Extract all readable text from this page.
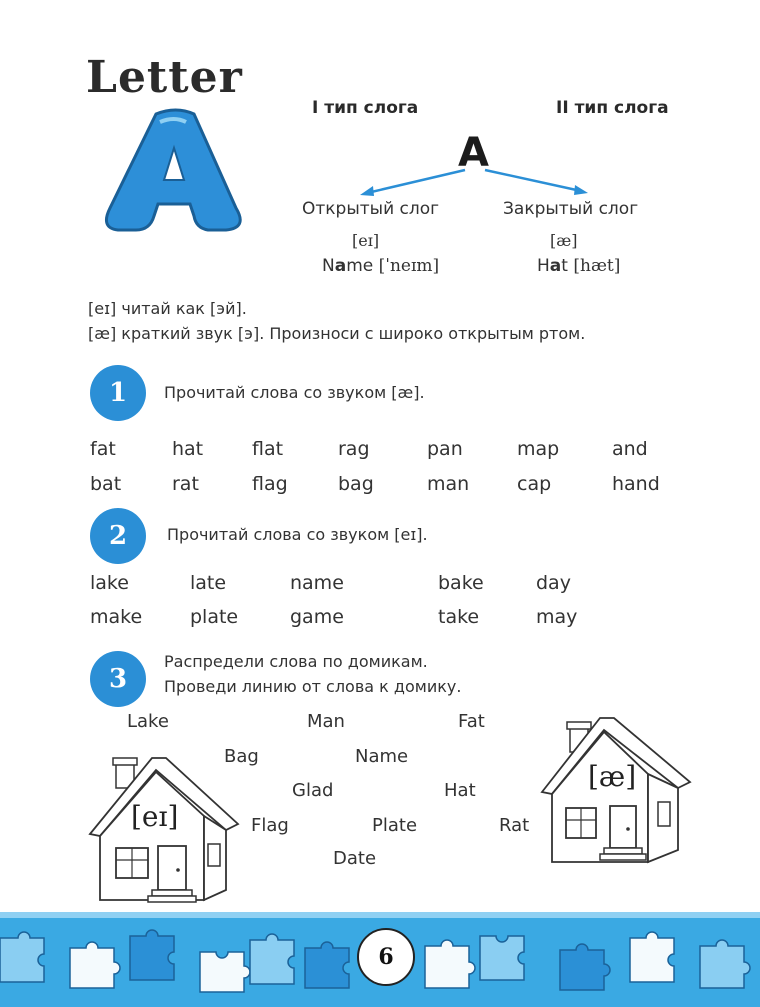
Letter
I тип слога	II тип слога
A
Открытый слог	Закрытый слог
[eɪ]	[æ]
Name [ˈneɪm]	Hat [hæt]
[eɪ] читай как [эй].
[æ] краткий звук [э]. Произноси с широко открытым ртом.
1	Прочитай слова со звуком [æ].
fat	hat	flat	rag	pan	map	and
bat	rat	flag	bag	man	cap	hand
2	Прочитай слова со звуком [eɪ].
lake	late	name	bake	day
make	plate	game	take	may
3
Распредели слова по домикам.
Проведи линию от слова к домику.
Lake	Man	Fat
Bag	Name
Glad	Hat
Flag	Plate	Rat
Date
[eɪ]
[æ]
6
